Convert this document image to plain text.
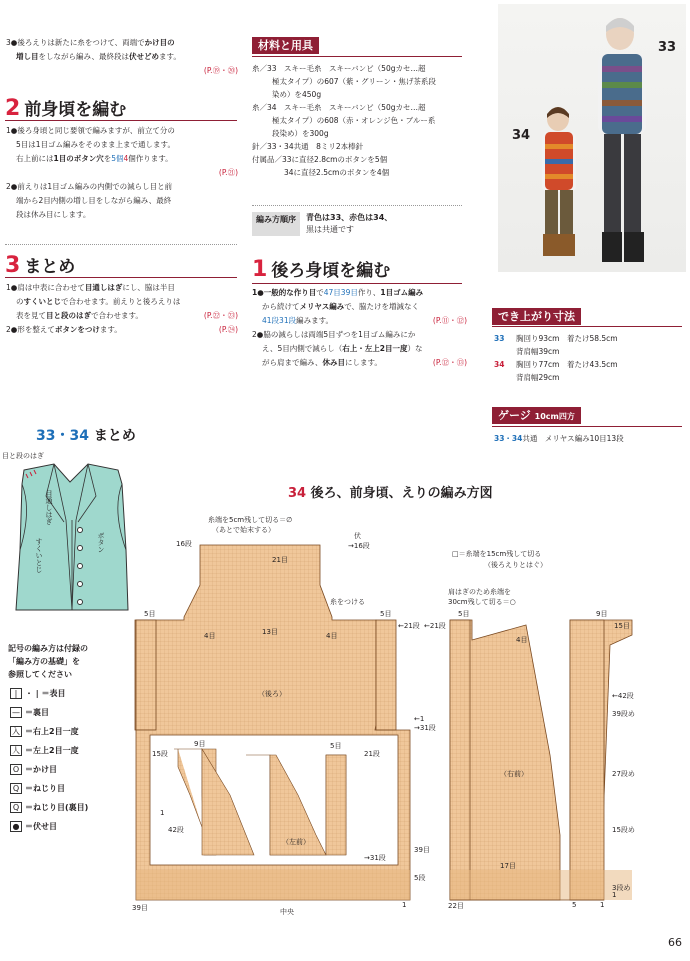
3●後ろえりは新たに糸をつけて、両端でかけ目の
増し目をしながら編み、最終段は伏せどめます。
(P.⑲・⑳)
2 前身頃を編む
1●後ろ身頃と同じ要領で編みますが、前立て分の
5目は1目ゴム編みをそのまま上まで通します。
右上前には1目のボタン穴を5個4個作ります。
(P.㉑)
2●前えりは1目ゴム編みの内側での減らし目と前
端から2目内側の増し目をしながら編み、最終
段は休み目にします。
3 まとめ
1●肩は中表に合わせて目通しはぎにし、脇は半目
のすくいとじで合わせます。前えりと後ろえりは
表を見て目と段のはぎで合わせます。	(P.㉒・㉓)
2●形を整えてボタンをつけます。	(P.㉔)
材料と用具
糸／33　スキー毛糸　スキーバンビ（50gカセ…超
極太タイプ）の607（紫・グリーン・焦げ茶系段
染め）を450g
糸／34　スキー毛糸　スキーバンビ（50gカセ…超
極太タイプ）の608（赤・オレンジ色・ブルー系
段染め）を300g
針／33・34共通　8ミリ2本棒針
付属品／33に直径2.8cmのボタンを5個
34に直径2.5cmのボタンを4個
編み方順序	青色は33、赤色は34、
黒は共通です
1 後ろ身頃を編む
1●一般的な作り目で47目39目作り、1目ゴム編み
から続けてメリヤス編みで、脇たけを増減なく
41段31段編みます。	(P.⑪・⑫)
2●脇の減らしは両端5目ずつを1目ゴム編みにか
え、5目内側で減らし（右上・左上2目一度）な
がら肩まで編み、休み目にします。	(P.⑫・⑬)
33
34
でき上がり寸法
33 胸回り93cm　着たけ58.5cm
背肩幅39cm
34 胸回り77cm　着たけ43.5cm
背肩幅29cm
ゲージ 10cm四方
33・34共通　メリヤス編み10目13段
33・34 まとめ
目と段のはぎ
目通しはぎ
ボタン
すくいとじ
記号の編み方は付録の
「編み方の基礎」を
参照してください
| ・ | ＝表目
— ＝裏目
入 ＝右上2目一度
人 ＝左上2目一度
O ＝かけ目
Q ＝ねじり目
Q ＝ねじり目(裏目)
● ＝伏せ目
34 後ろ、前身頃、えりの編み方図
糸端を5cm残して切る＝∅
（あとで始末する）
伏
16段	→16段
21目
糸をつける
5目	5目
←21段
4目	13目	4目
（後ろ）
→31段
←1
9目	5目
15段	21段
1
42段
（左前）
→31段
39目
5段
39目	中央
1
□＝糸端を15cm残して切る
（後ろえりとはぐ）
肩はぎのため糸端を
30cm残して切る＝○
5目	9目
←21段	15目
4目
←42段
39段め
（右前）	27段め
15段め
17目
3段め
22目	5	1
1
66
